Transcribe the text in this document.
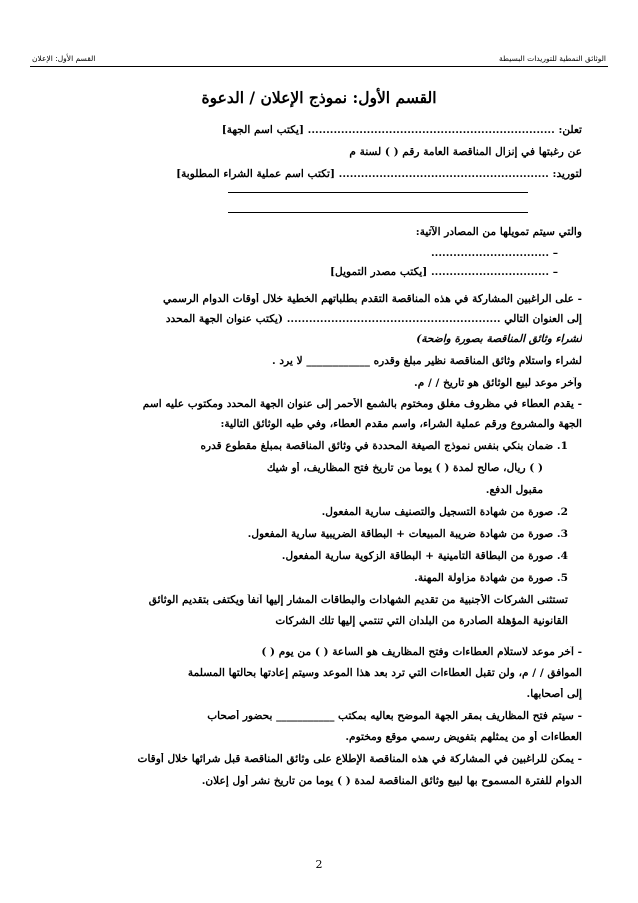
القسم الأول: الإعلان	الوثائق النمطية للتوريدات البسيطة
القسم الأول: نموذج الإعلان / الدعوة
تعلن: ................................................................... [يكتب اسم الجهة]
عن رغبتها في إنزال المناقصة العامة رقم ( ) لسنة م
لتوريد: ......................................................... [تكتب اسم عملية الشراء المطلوبة]
والتي سيتم تمويلها من المصادر الآتية:
– ................................
– ................................ [يكتب مصدر التمويل]
- على الراغبين المشاركة في هذه المناقصة التقدم بطلباتهم الخطية خلال أوقات الدوام الرسمي
إلى العنوان التالي .......................................................... (يكتب عنوان الجهة المحدد
لشراء وثائق المناقصة بصورة واضحة)
لشراء واستلام وثائق المناقصة نظير مبلغ وقدره ____________ لا يرد .
وآخر موعد لبيع الوثائق هو تاريخ / / م.
- يقدم العطاء في مظروف مغلق ومختوم بالشمع الأحمر إلى عنوان الجهة المحدد ومكتوب عليه اسم
الجهة والمشروع ورقم عملية الشراء، واسم مقدم العطاء، وفي طيه الوثائق التالية:
1. ضمان بنكي بنفس نموذج الصيغة المحددة في وثائق المناقصة بمبلغ مقطوع قدره
( ) ريال، صالح لمدة ( ) يوماً من تاريخ فتح المظاريف، أو شيك
مقبول الدفع.
2. صورة من شهادة التسجيل والتصنيف سارية المفعول.
3. صورة من شهادة ضريبة المبيعات + البطاقة الضريبية سارية المفعول.
4. صورة من البطاقة التأمينية + البطاقة الزكوية سارية المفعول.
5. صورة من شهادة مزاولة المهنة.
تستثنى الشركات الأجنبية من تقديم الشهادات والبطاقات المشار إليها آنفاً ويكتفى بتقديم الوثائق
القانونية المؤهلة الصادرة من البلدان التي تنتمي إليها تلك الشركات
- آخر موعد لاستلام العطاءات وفتح المظاريف هو الساعة ( ) من يوم ( )
الموافق / / م، ولن تقبل العطاءات التي ترد بعد هذا الموعد وسيتم إعادتها بحالتها المسلمة
إلى أصحابها.
- سيتم فتح المظاريف بمقر الجهة الموضح بعاليه بمكتب ___________ بحضور أصحاب
العطاءات أو من يمثلهم بتفويض رسمي موقع ومختوم.
- يمكن للراغبين في المشاركة في هذه المناقصة الإطلاع على وثائق المناقصة قبل شرائها خلال أوقات
الدوام للفترة المسموح بها لبيع وثائق المناقصة لمدة ( ) يوما من تاريخ نشر أول إعلان.
2
